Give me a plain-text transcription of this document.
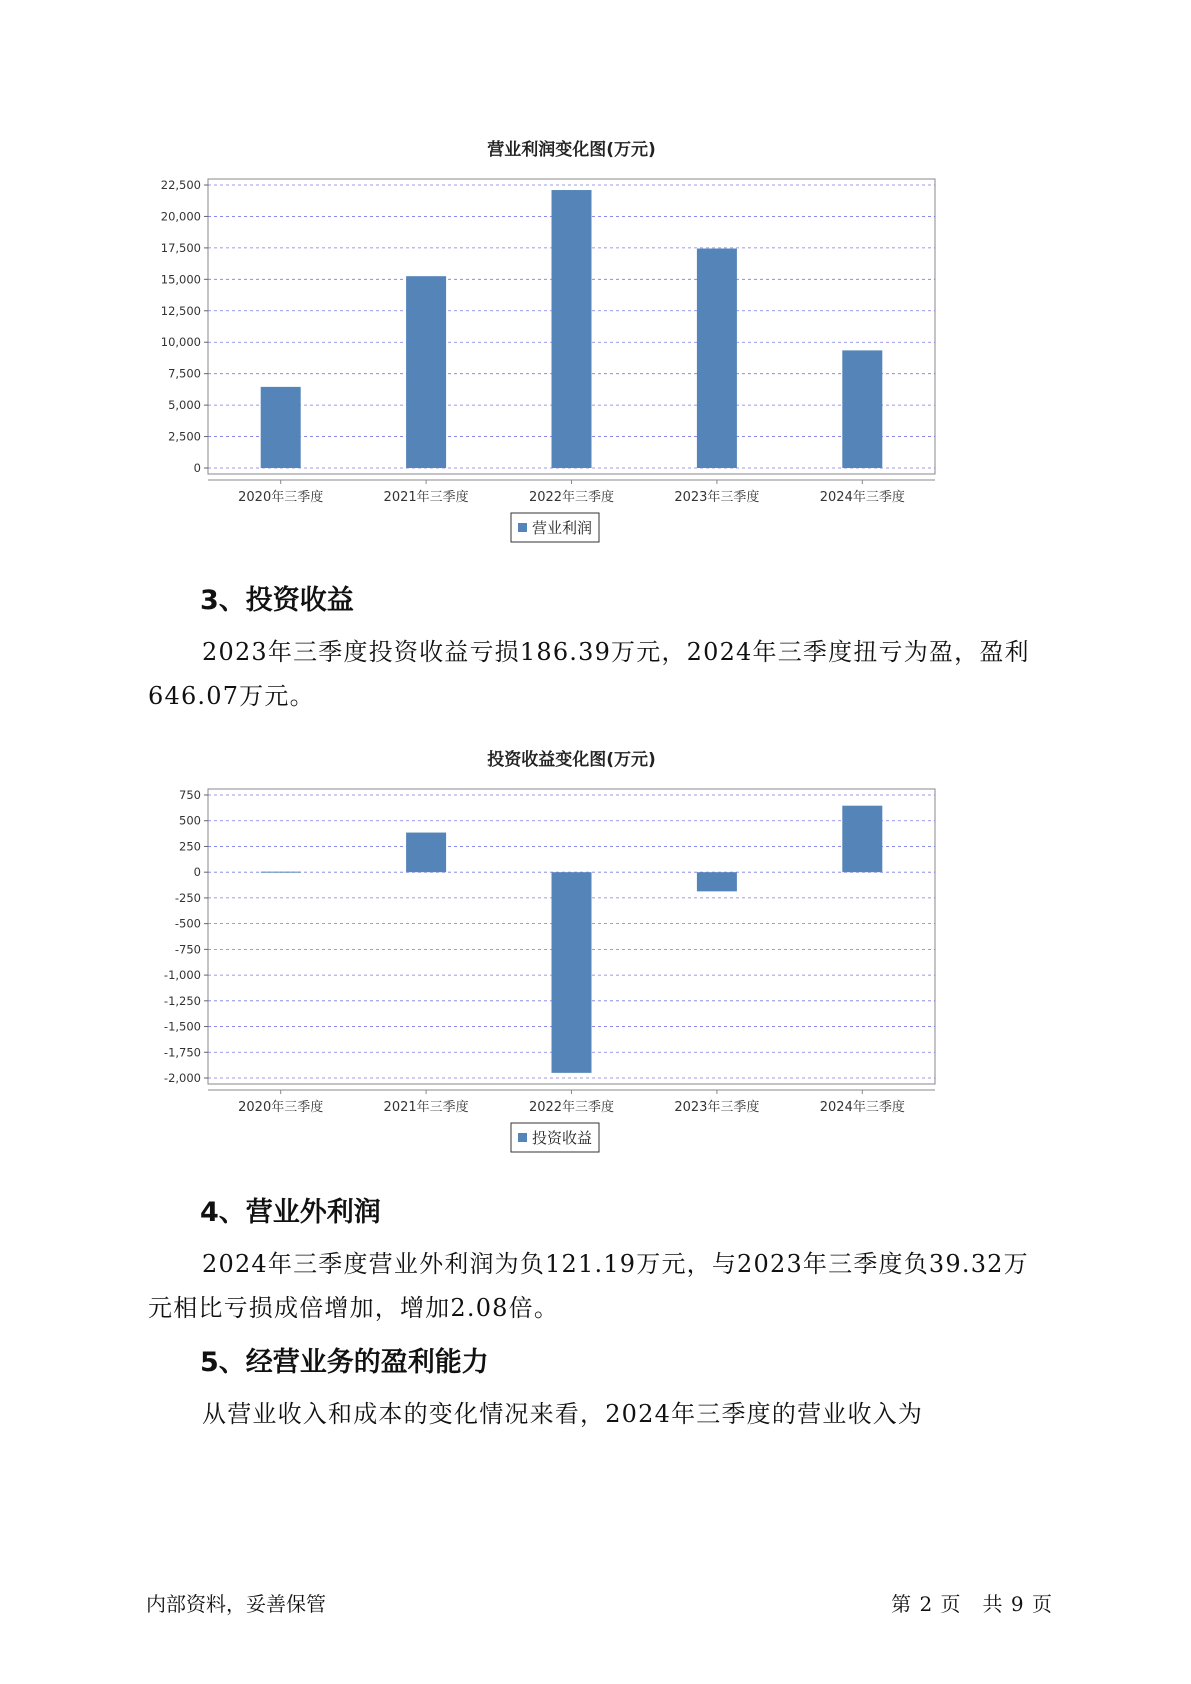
营业利润变化图(万元)
0
2,500
5,000
7,500
10,000
12,500
15,000
17,500
20,000
22,500
2020年三季度	2021年三季度	2022年三季度	2023年三季度	2024年三季度
营业利润
3、投资收益

2023年三季度投资收益亏损186.39万元，2024年三季度扭亏为盈，盈利646.07万元。

投资收益变化图(万元)
-2,000
-1,750
-1,500
-1,250
-1,000
-750
-500
-250
0
250
500
750
2020年三季度	2021年三季度	2022年三季度	2023年三季度	2024年三季度
投资收益
4、营业外利润

2024年三季度营业外利润为负121.19万元，与2023年三季度负39.32万元相比亏损成倍增加，增加2.08倍。

5、经营业务的盈利能力

从营业收入和成本的变化情况来看，2024年三季度的营业收入为

内部资料，妥善保管	第 2 页　共 9 页
